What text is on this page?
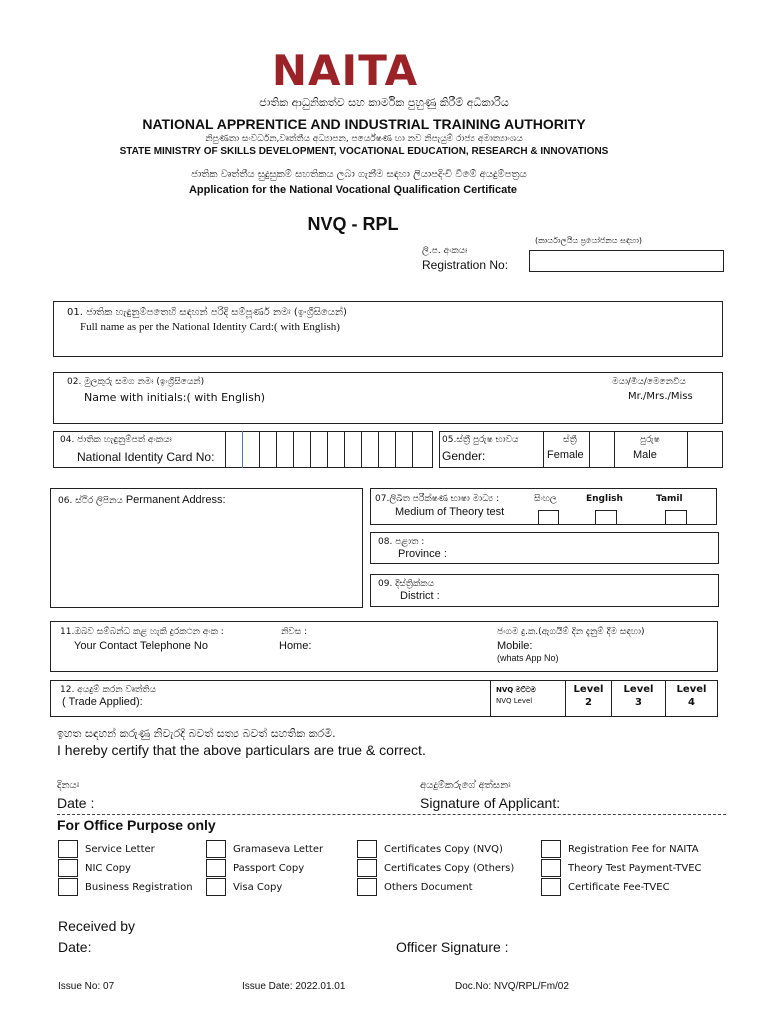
NAITA
ජාතික ආධුනිකත්ව සහ කාර්මික පුහුණු කිරීම් අධිකාරිය
NATIONAL APPRENTICE AND INDUSTRIAL TRAINING AUTHORITY
නිපුණතා සංවර්ධන,වෘත්තීය අධ්‍යාපන, පර්යේෂණ හා නව නිපැයුම් රාජ්‍ය අමාත්‍යාංශය
STATE MINISTRY OF SKILLS DEVELOPMENT, VOCATIONAL EDUCATION, RESEARCH & INNOVATIONS
ජාතික වෘත්තීය සුදුසුකම් සහතිකය ලබා ගැනීම සඳහා ලියාපදිංචි වීමේ අයදුම්පත්‍රය
Application for the National Vocational Qualification Certificate
NVQ - RPL
(කාර්යාලයීය ප්‍රයෝජනය සඳහා)
ලි.ප. අංකයඃ
Registration No:
01. ජාතික හැඳුනුම්පතෙහි සඳහන් පරිදි සම්පූර්ණ නමඃ (ඉංග්‍රීසියෙන්)
Full name as per the National Identity Card:( with English)
02. මුලකුරු සමග නමඃ (ඉංග්‍රීසියෙන්)
Name with initials:( with English)
මයා/මිය/මෙනෙවිය
Mr./Mrs./Miss
04. ජාතික හැඳුනුම්පත් අංකයඃ
National Identity Card No:
05.ස්ත්‍රී පුරුෂ භාවය
Gender:
ස්ත්‍රී
Female
පුරුෂ
Male
06. ස්ථිර ලිපිනය Permanent Address:	07.ලිඛිත පරීක්ෂණ භාෂා මාධ්‍ය :
Medium of Theory test
සිංහල	English	Tamil
08. පළාත :
Province :
09. දිස්ත්‍රික්කය
District :
11.ඔබව සම්බන්ධ කළ හැකි දුරකථන අංක :
Your Contact Telephone No
නිවස :
Home:
ජංගම දු.ක.(ඇගයීම් දින දැනුම් දීම සඳහා)
Mobile:
(whats App No)
12. අයදුම් කරන වෘත්තිය
( Trade Applied):
NVQ මට්ටම
NVQ Level
Level
2
Level
3
Level
4
ඉහත සඳහන් කරුණු නිවැරදි බවත් සත්‍ය බවත් සහතික කරමි.
I hereby certify that the above particulars are true & correct.
දිනයඃ
Date :
අයදුම්කරුගේ අත්සනඃ
Signature of Applicant:
For Office Purpose only
Service Letter
NIC Copy
Business Registration
Gramaseva Letter
Passport Copy
Visa Copy
Certificates Copy (NVQ)
Certificates Copy (Others)
Others Document
Registration Fee for NAITA
Theory Test Payment-TVEC
Certificate Fee-TVEC
Received by
Date:	Officer Signature :
Issue No: 07	Issue Date: 2022.01.01	Doc.No: NVQ/RPL/Fm/02
